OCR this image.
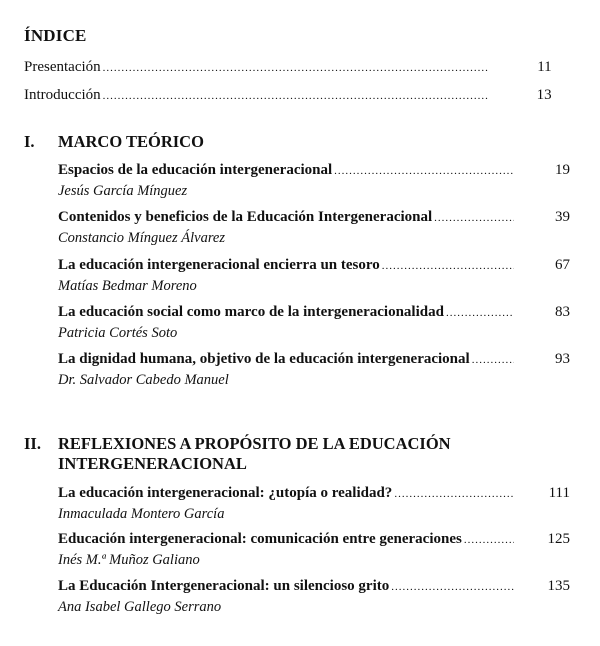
ÍNDICE
Presentación .....	11
Introducción .....	13
I.	MARCO TEÓRICO
Espacios de la educación intergeneracional .....	19
Jesús García Mínguez
Contenidos y beneficios de la Educación Intergeneracional .....	39
Constancio Mínguez Álvarez
La educación intergeneracional encierra un tesoro .....	67
Matías Bedmar Moreno
La educación social como marco de la intergeneracionalidad .....	83
Patricia Cortés Soto
La dignidad humana, objetivo de la educación intergeneracional .....	93
Dr. Salvador Cabedo Manuel
II.	REFLEXIONES A PROPÓSITO DE LA EDUCACIÓN
INTERGENERACIONAL
La educación intergeneracional: ¿utopía o realidad? .....	111
Inmaculada Montero García
Educación intergeneracional: comunicación entre generaciones .....	125
Inés M.ª Muñoz Galiano
La Educación Intergeneracional: un silencioso grito .....	135
Ana Isabel Gallego Serrano
